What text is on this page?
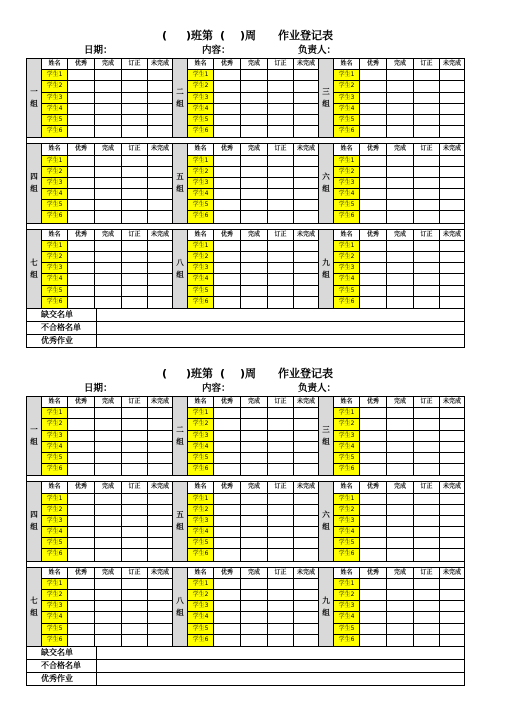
( )班第 ( )周 作业登记表
日期：	内容：	负责人：
一
组
姓名	优秀	完成	订正	未完成
学生1
学生2
学生3
学生4
学生5
学生6
二
组
姓名	优秀	完成	订正	未完成
学生1
学生2
学生3
学生4
学生5
学生6
三
组
姓名	优秀	完成	订正	未完成
学生1
学生2
学生3
学生4
学生5
学生6
四
组
姓名	优秀	完成	订正	未完成
学生1
学生2
学生3
学生4
学生5
学生6
五
组
姓名	优秀	完成	订正	未完成
学生1
学生2
学生3
学生4
学生5
学生6
六
组
姓名	优秀	完成	订正	未完成
学生1
学生2
学生3
学生4
学生5
学生6
七
组
姓名	优秀	完成	订正	未完成
学生1
学生2
学生3
学生4
学生5
学生6
八
组
姓名	优秀	完成	订正	未完成
学生1
学生2
学生3
学生4
学生5
学生6
九
组
姓名	优秀	完成	订正	未完成
学生1
学生2
学生3
学生4
学生5
学生6
缺交名单
不合格名单
优秀作业
( )班第 ( )周 作业登记表
日期：	内容：	负责人：
一
组
姓名	优秀	完成	订正	未完成
学生1
学生2
学生3
学生4
学生5
学生6
二
组
姓名	优秀	完成	订正	未完成
学生1
学生2
学生3
学生4
学生5
学生6
三
组
姓名	优秀	完成	订正	未完成
学生1
学生2
学生3
学生4
学生5
学生6
四
组
姓名	优秀	完成	订正	未完成
学生1
学生2
学生3
学生4
学生5
学生6
五
组
姓名	优秀	完成	订正	未完成
学生1
学生2
学生3
学生4
学生5
学生6
六
组
姓名	优秀	完成	订正	未完成
学生1
学生2
学生3
学生4
学生5
学生6
七
组
姓名	优秀	完成	订正	未完成
学生1
学生2
学生3
学生4
学生5
学生6
八
组
姓名	优秀	完成	订正	未完成
学生1
学生2
学生3
学生4
学生5
学生6
九
组
姓名	优秀	完成	订正	未完成
学生1
学生2
学生3
学生4
学生5
学生6
缺交名单
不合格名单
优秀作业
